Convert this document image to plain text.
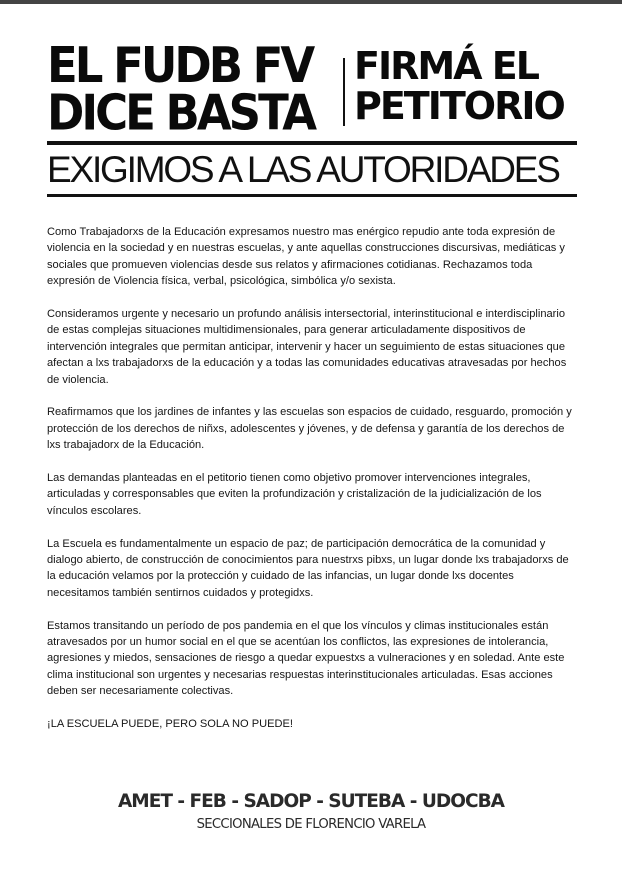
EL FUDB FV
DICE BASTA
FIRMÁ EL
PETITORIO
EXIGIMOS A LAS AUTORIDADES

Como Trabajadorxs de la Educación expresamos nuestro mas enérgico repudio ante toda expresión de violencia en la sociedad y en nuestras escuelas, y ante aquellas construcciones discursivas, mediáticas y sociales que promueven violencias desde sus relatos y afirmaciones cotidianas. Rechazamos toda expresión de Violencia física, verbal, psicológica, simbólica y/o sexista.

Consideramos urgente y necesario un profundo análisis intersectorial, interinstitucional e interdisciplinario de estas complejas situaciones multidimensionales, para generar articuladamente dispositivos de intervención integrales que permitan anticipar, intervenir y hacer un seguimiento de estas situaciones que afectan a lxs trabajadorxs de la educación y a todas las comunidades educativas atravesadas por hechos de violencia.

Reafirmamos que los jardines de infantes y las escuelas son espacios de cuidado, resguardo, promoción y protección de los derechos de niñxs, adolescentes y jóvenes, y de defensa y garantía de los derechos de lxs trabajadorx de la Educación.

Las demandas planteadas en el petitorio tienen como objetivo promover intervenciones integrales, articuladas y corresponsables que eviten la profundización y cristalización de la judicialización de los vínculos escolares.

La Escuela es fundamentalmente un espacio de paz; de participación democrática de la comunidad y dialogo abierto, de construcción de conocimientos para nuestrxs pibxs, un lugar donde lxs trabajadorxs de la educación velamos por la protección y cuidado de las infancias, un lugar donde lxs docentes necesitamos también sentirnos cuidados y protegidxs.

Estamos transitando un período de pos pandemia en el que los vínculos y climas institucionales están atravesados por un humor social en el que se acentúan los conflictos, las expresiones de intolerancia, agresiones y miedos, sensaciones de riesgo a quedar expuestxs a vulneraciones y en soledad. Ante este clima institucional son urgentes y necesarias respuestas interinstitucionales articuladas. Esas acciones deben ser necesariamente colectivas.

¡LA ESCUELA PUEDE, PERO SOLA NO PUEDE!

AMET - FEB - SADOP - SUTEBA - UDOCBA
SECCIONALES DE FLORENCIO VARELA
